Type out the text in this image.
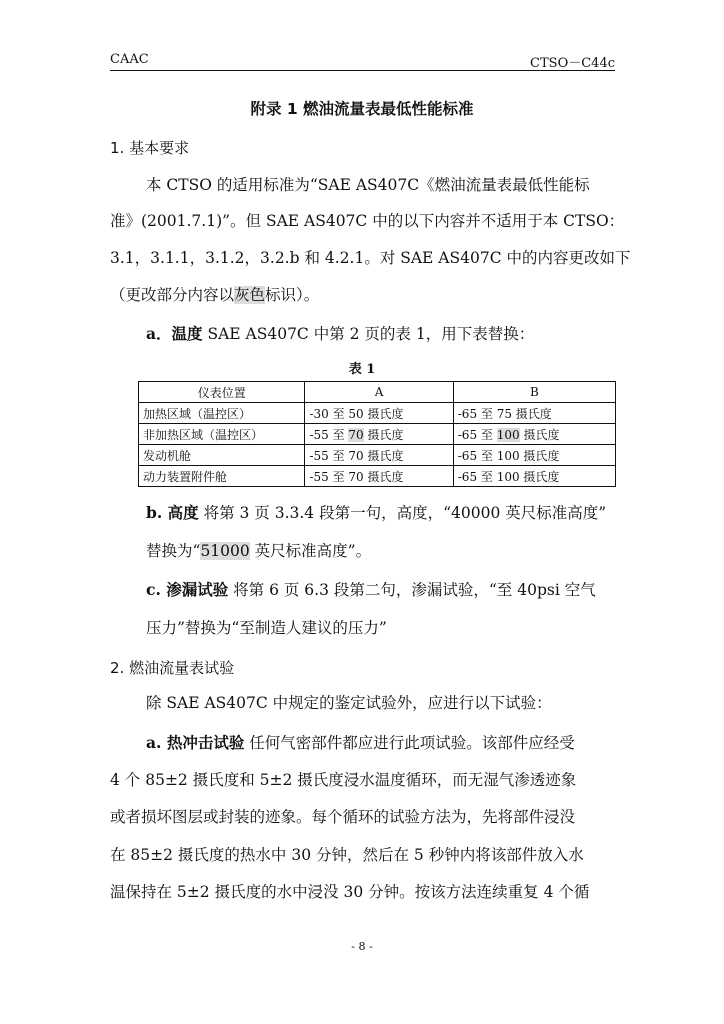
CAAC	CTSO－C44c
附录 1 燃油流量表最低性能标准
1. 基本要求
本 CTSO 的适用标准为“SAE AS407C《燃油流量表最低性能标
准》(2001.7.1)”。但 SAE AS407C 中的以下内容并不适用于本 CTSO：
3.1，3.1.1，3.1.2，3.2.b 和 4.2.1。对 SAE AS407C 中的内容更改如下
（更改部分内容以灰色标识）。
a．温度 SAE AS407C 中第 2 页的表 1，用下表替换：
表 1
仪表位置	A	B
加热区域（温控区）	-30 至 50 摄氏度	-65 至 75 摄氏度
非加热区域（温控区）	-55 至 70 摄氏度	-65 至 100 摄氏度
发动机舱	-55 至 70 摄氏度	-65 至 100 摄氏度
动力装置附件舱	-55 至 70 摄氏度	-65 至 100 摄氏度
b. 高度 将第 3 页 3.3.4 段第一句，高度，“40000 英尺标准高度”
替换为“51000 英尺标准高度”。
c. 渗漏试验 将第 6 页 6.3 段第二句，渗漏试验，“至 40psi 空气
压力”替换为“至制造人建议的压力”
2. 燃油流量表试验
除 SAE AS407C 中规定的鉴定试验外，应进行以下试验：
a. 热冲击试验 任何气密部件都应进行此项试验。该部件应经受
4 个 85±2 摄氏度和 5±2 摄氏度浸水温度循环，而无湿气渗透迹象
或者损坏图层或封装的迹象。每个循环的试验方法为，先将部件浸没
在 85±2 摄氏度的热水中 30 分钟，然后在 5 秒钟内将该部件放入水
温保持在 5±2 摄氏度的水中浸没 30 分钟。按该方法连续重复 4 个循
- 8 -
